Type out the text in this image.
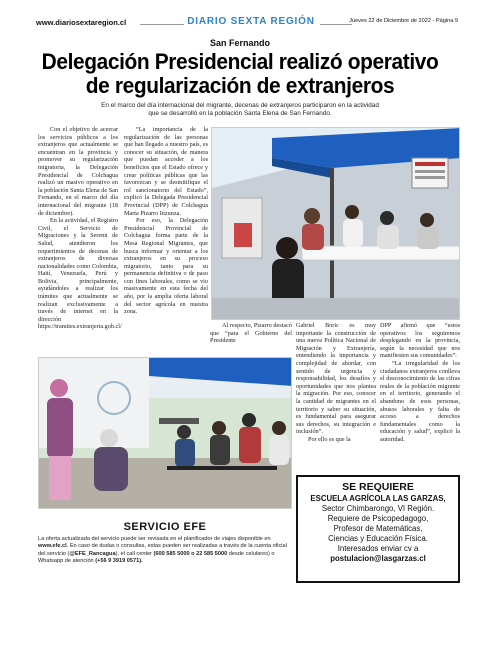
www.diariosextaregion.cl	DIARIO SEXTA REGIÓN	Jueves 22 de Diciembre de 2022 - Página 9
San Fernando
Delegación Presidencial realizó operativo
de regularización de extranjeros
En el marco del día internacional del migrante, decenas de extranjeros participaron en la actividad que se desarrolló en la población Santa Elena de San Fernando.

Con el objetivo de acercar los servicios públicos a los extranjeros que actualmente se encuentran en la provincia y promover su regularización migratoria, la Delegación Presidencial de Colchagua realizó un masivo operativo en la población Santa Elena de San Fernando, en el marco del día internacional del migrante (18 de diciembre).

En la actividad, el Registro Civil, el Servicio de Migraciones y la Seremi de Salud, atendieron los requerimientos de decenas de extranjeros de diversas nacionalidades como Colombia, Haití, Venezuela, Perú y Bolivia, principalmente, ayudándoles a realizar los trámites que actualmente se realizan exclusivamente a través de internet en la dirección https://tramites.extranjeria.gob.cl/

“La importancia de la regularización de las personas que han llegado a nuestro país, es conocer su situación, de manera que puedan acceder a los beneficios que el Estado ofrece y crear políticas públicas que las favorezcan y se desmitifique el rol sancionatorio del Estado”, explicó la Delegada Presidencial Provincial (DPP) de Colchagua Marta Pizarro Inzunza.

Por eso, la Delegación Presidencial Provincial de Colchagua forma parte de la Mesa Regional Migrantes, que busca informar y orientar a los extranjeros en su proceso migratorio, tanto para su permanencia definitiva o de paso con fines laborales, como se vio masivamente en esta fecha del año, por la amplia oferta laboral del sector agrícola en nuestra zona.

Al respecto, Pizarro destacó que “para el Gobierno del Presidente

Gabriel Boric es muy importante la construcción de una nueva Política Nacional de Migración y Extranjería, entendiendo la importancia y complejidad de abordar, con sentido de urgencia y responsabilidad, los desafíos y oportunidades que nos plantea la migración. Por eso, conocer la cantidad de migrantes en el territorio y saber su situación, es fundamental para asegurar sus derechos, su integración e inclusión”.

Por ello es que la

DPP afirmó que “estos operativos los seguiremos desplegando en la provincia, según la necesidad que nos manifiesten sus comunidades”.

“La irregularidad de los ciudadanos extranjeros conlleva el desconocimiento de las cifras reales de la población migrante en el territorio, generando el abandono de esos personas, abusos laborales y falta de acceso a derechos fundamentales como la educación y salud”, explicó la autoridad.

SERVICIO EFE
La oferta actualizada del servicio puede ser revisada en el planificador de viajes disponible en www.efe.cl. En caso de dudas o consultas, estas pueden ser realizadas a través de la cuenta oficial del servicio (@EFE_Rancagua), el call center (600 585 5000 o 22 585 5000 desde celulares) o Whatsapp de atención (+56 9 3919 0571).
SE REQUIERE
ESCUELA AGRÍCOLA LAS GARZAS,
Sector Chimbarongo, VI Región.
Requiere de Psicopedagogo,
Profesor de Matemáticas,
Ciencias y Educación Física.
Interesados enviar cv a
postulacion@lasgarzas.cl
